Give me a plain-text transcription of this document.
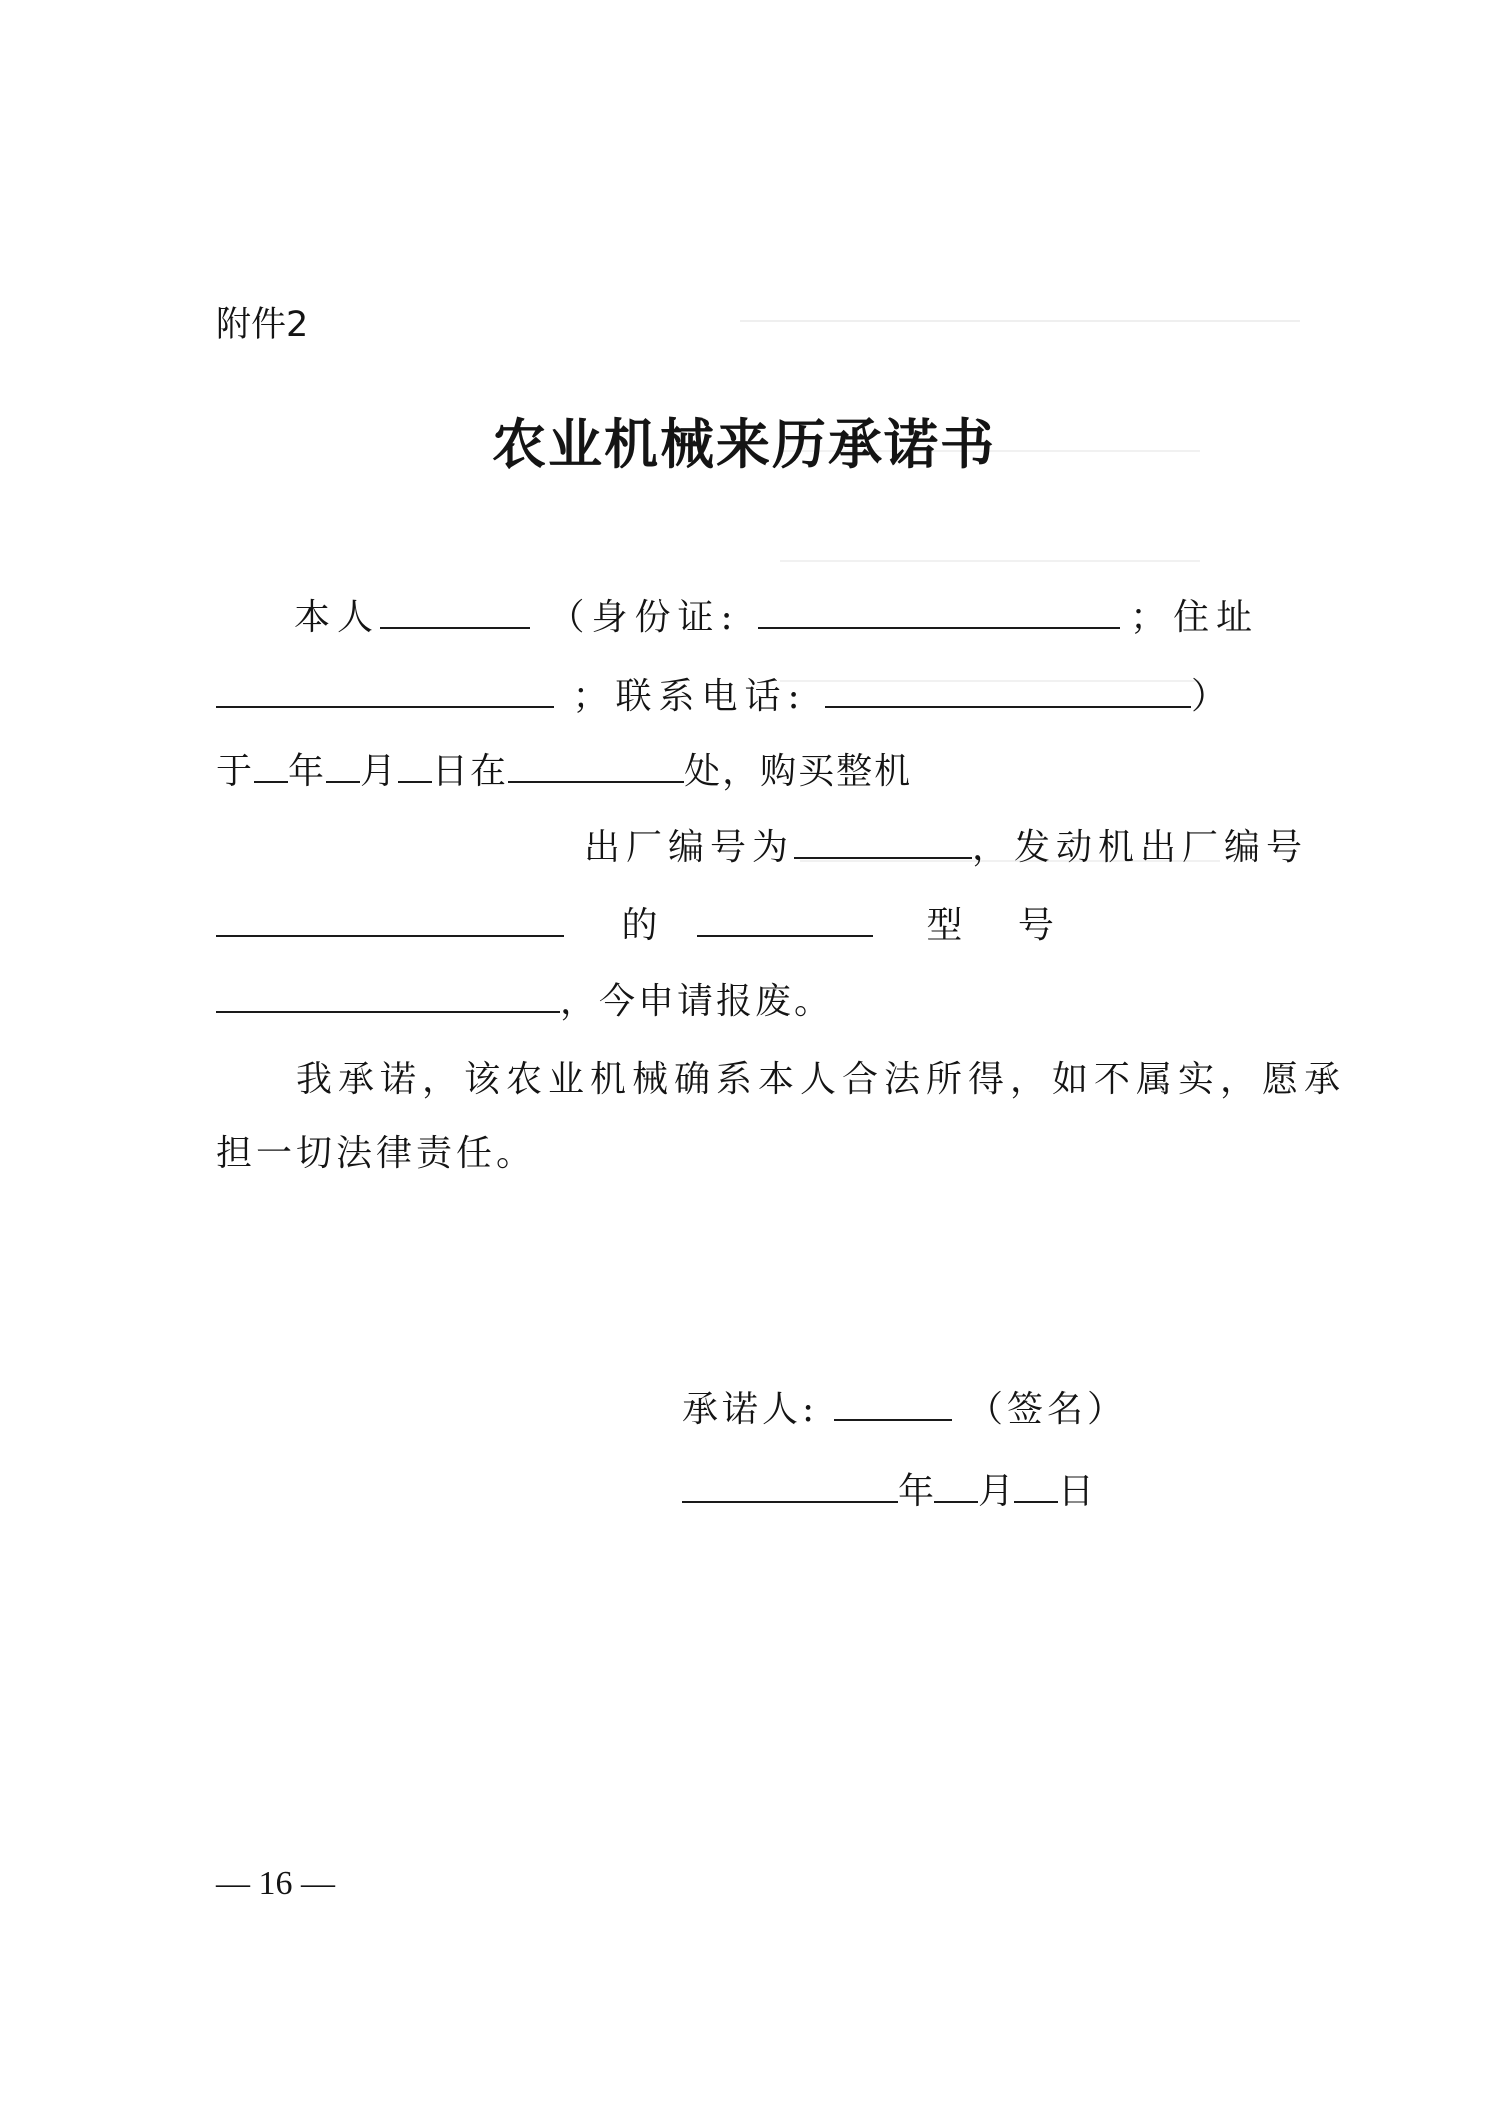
附件2
农业机械来历承诺书
本人	（身份证:	；住址
；联系电话:	）
于 年 月 日在	处，购买整机
出厂编号为	，发动机出厂编号
的	型 号
，今申请报废。
我承诺，该农业机械确系本人合法所得，如不属实，愿承
担一切法律责任。
承诺人:	（签名）
年 月 日
— 16 —
